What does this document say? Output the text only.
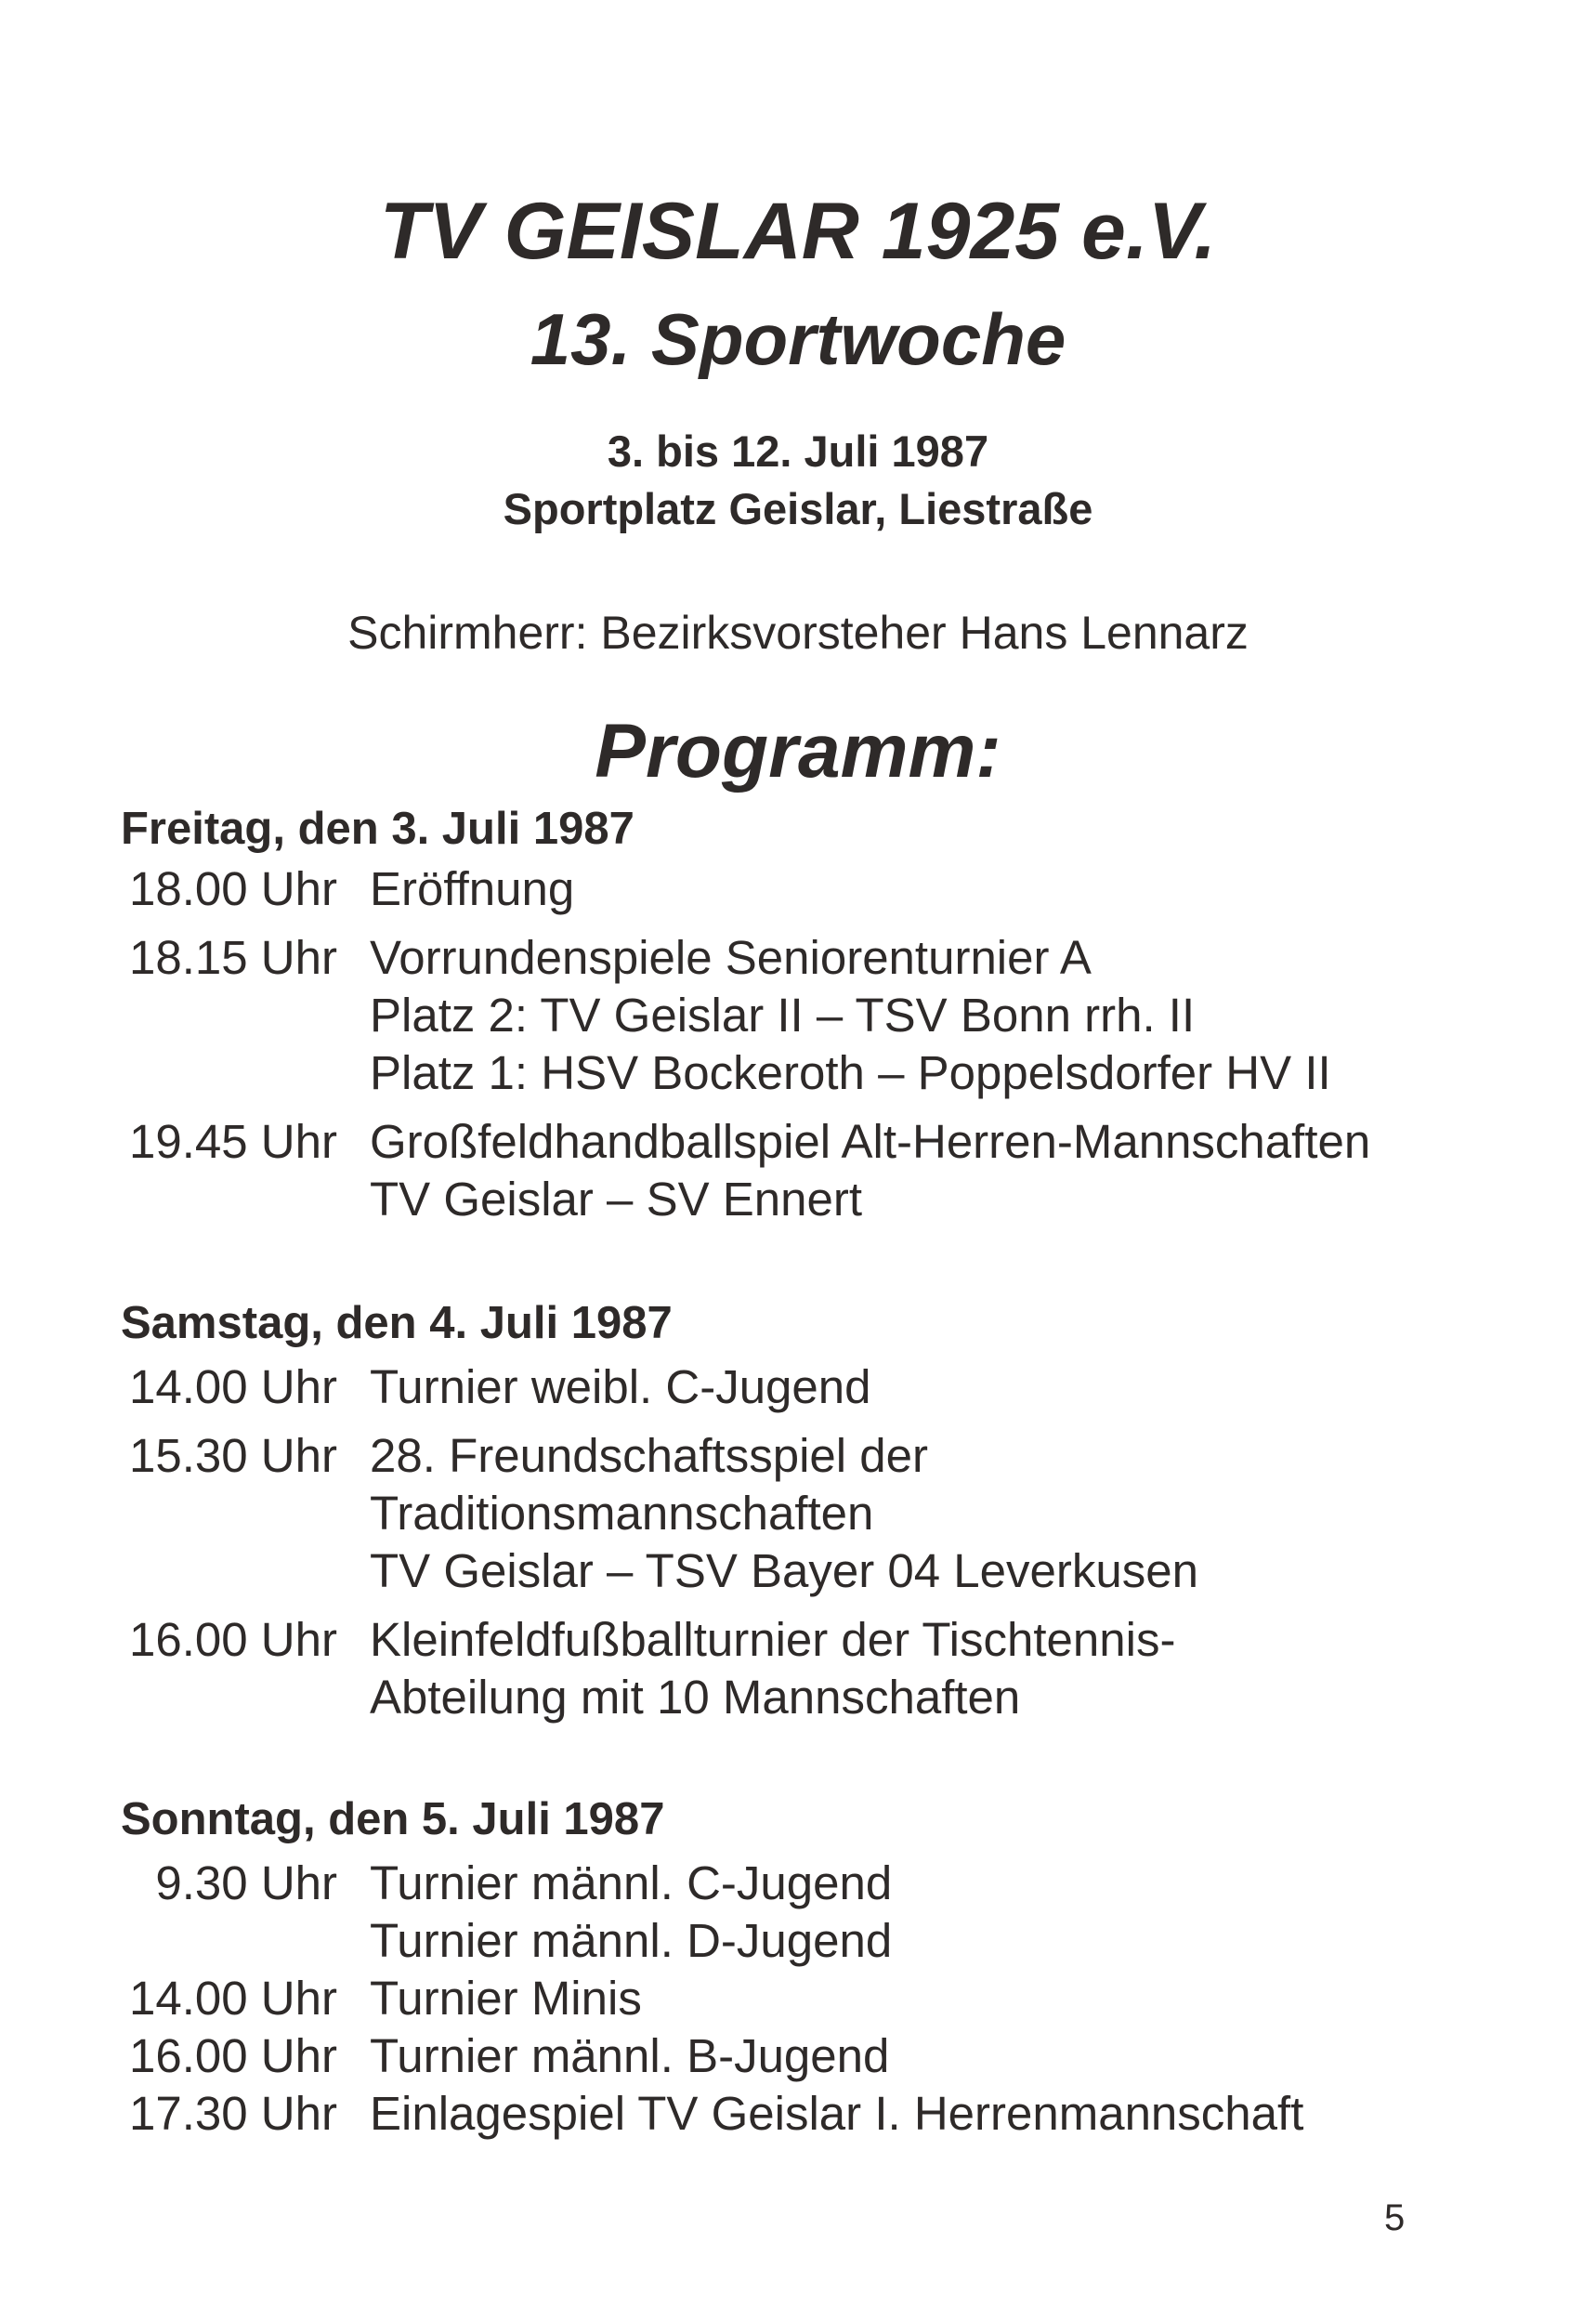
TV GEISLAR 1925 e.V.
13. Sportwoche
3. bis 12. Juli 1987
Sportplatz Geislar, Liestraße
Schirmherr: Bezirksvorsteher Hans Lennarz
Programm:
Freitag, den 3. Juli 1987
18.00 Uhr Eröffnung
18.15 Uhr Vorrundenspiele Seniorenturnier A
Platz 2: TV Geislar II – TSV Bonn rrh. II
Platz 1: HSV Bockeroth – Poppelsdorfer HV II
19.45 Uhr Großfeldhandballspiel Alt-Herren-Mannschaften
TV Geislar – SV Ennert
Samstag, den 4. Juli 1987
14.00 Uhr Turnier weibl. C-Jugend
15.30 Uhr 28. Freundschaftsspiel der
Traditionsmannschaften
TV Geislar – TSV Bayer 04 Leverkusen
16.00 Uhr Kleinfeldfußballturnier der Tischtennis-
Abteilung mit 10 Mannschaften
Sonntag, den 5. Juli 1987
9.30 Uhr Turnier männl. C-Jugend
Turnier männl. D-Jugend
14.00 Uhr Turnier Minis
16.00 Uhr Turnier männl. B-Jugend
17.30 Uhr Einlagespiel TV Geislar I. Herrenmannschaft
5
